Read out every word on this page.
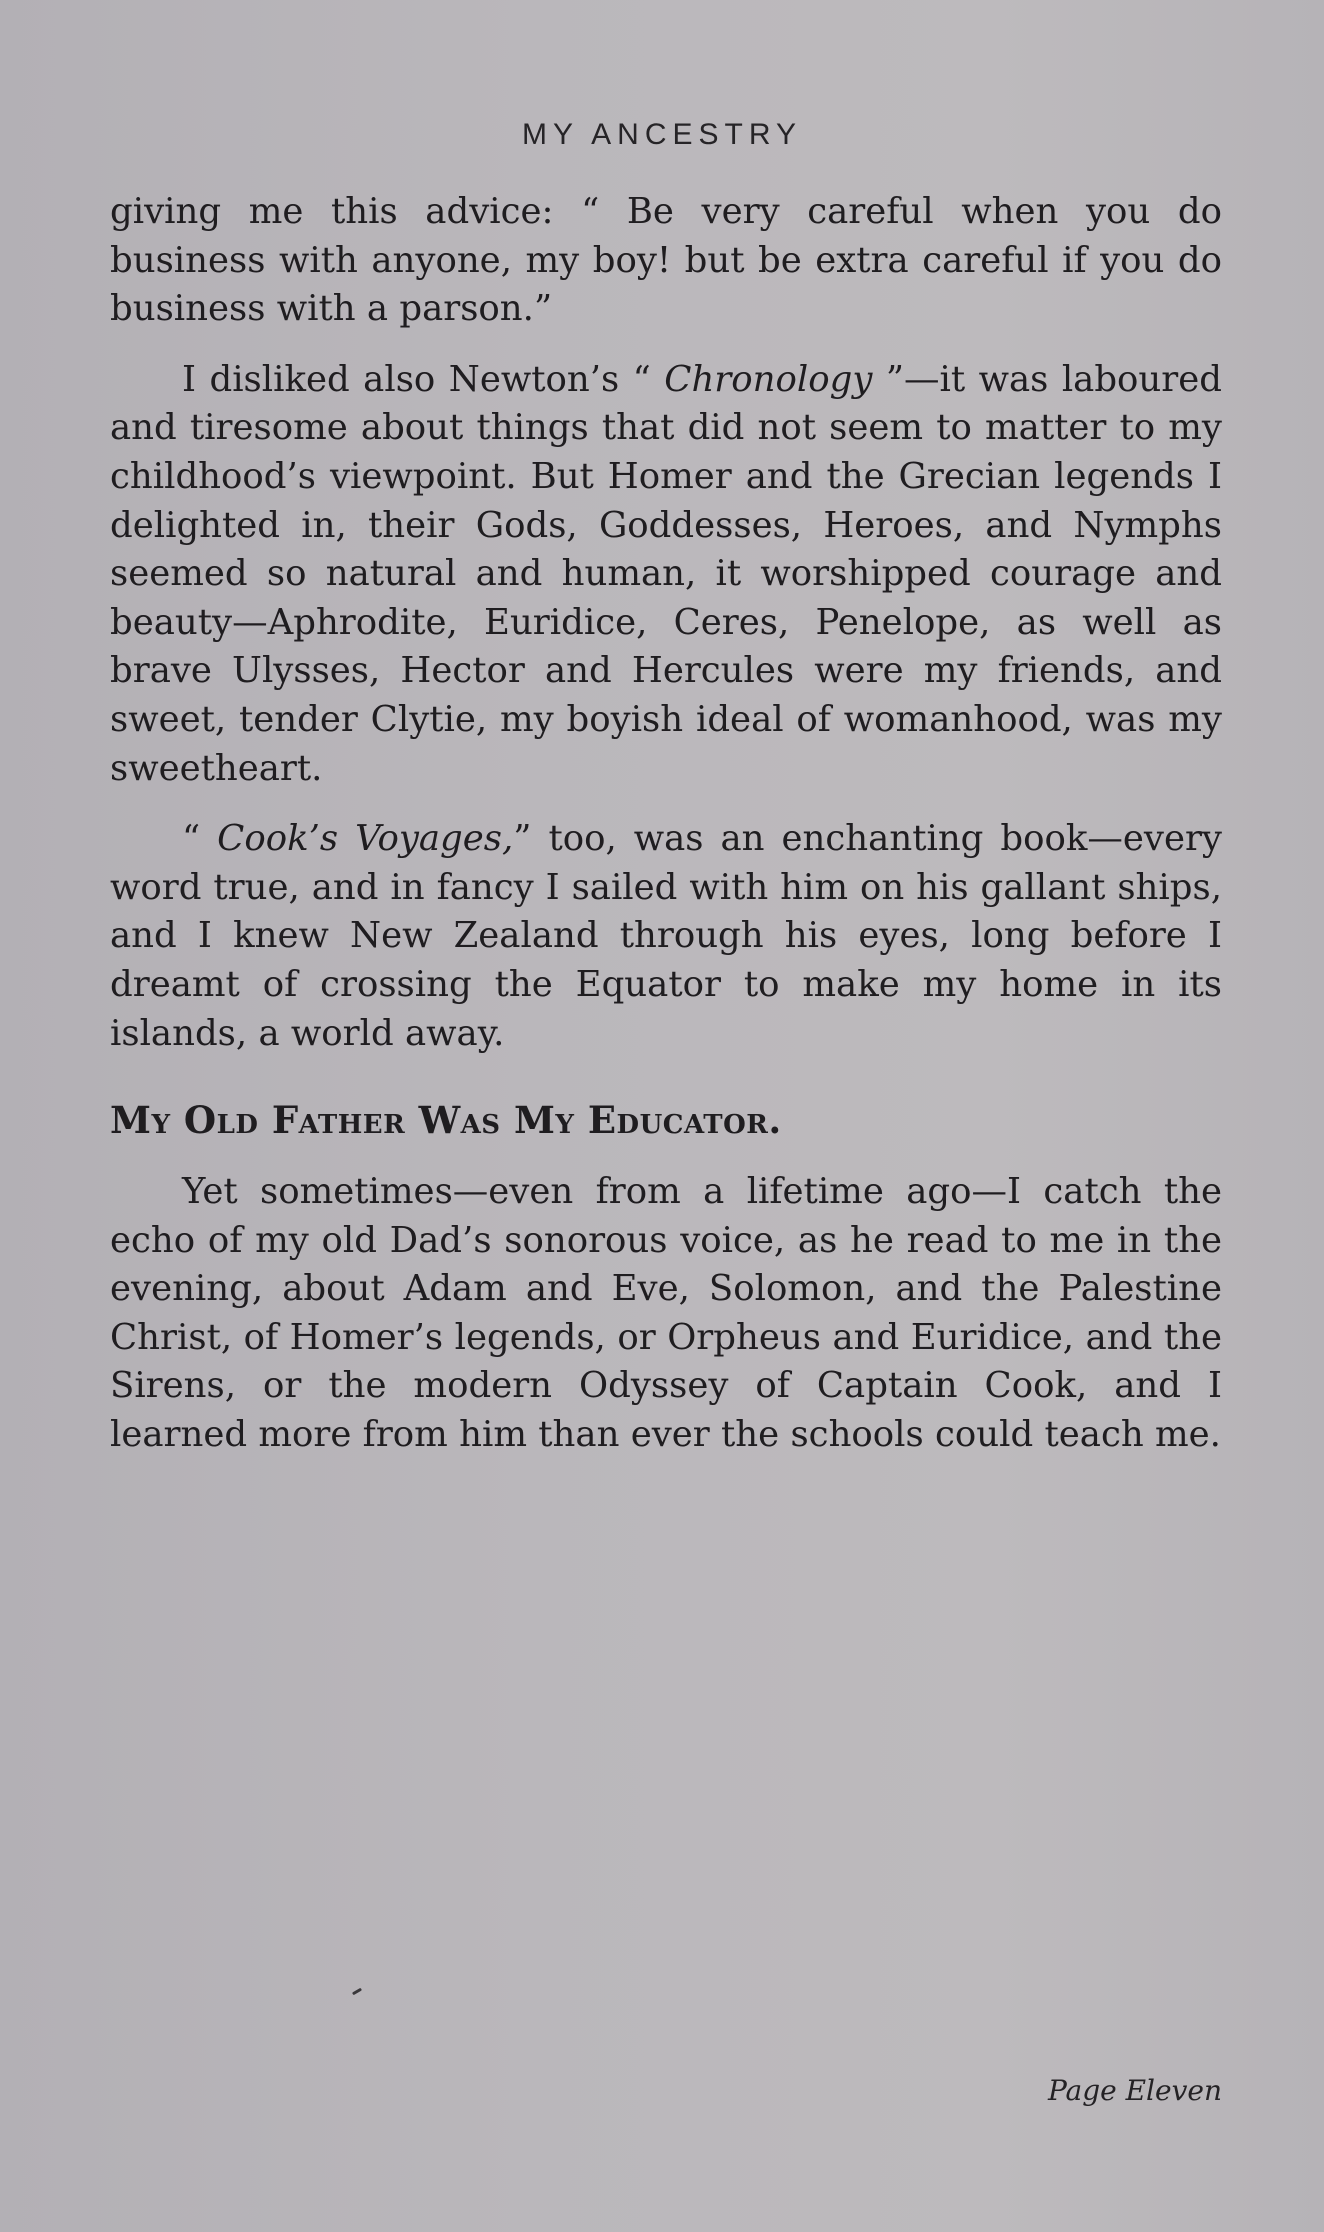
MY ANCESTRY

giving me this advice: “ Be very careful when you do business with anyone, my boy! but be extra careful if you do business with a parson.”

I disliked also Newton’s “ Chronology ”—it was laboured and tiresome about things that did not seem to matter to my childhood’s viewpoint. But Homer and the Grecian legends I delighted in, their Gods, Goddesses, Heroes, and Nymphs seemed so natural and human, it worshipped courage and beauty—Aphrodite, Euridice, Ceres, Penelope, as well as brave Ulysses, Hector and Hercules were my friends, and sweet, tender Clytie, my boyish ideal of womanhood, was my sweetheart.

“ Cook’s Voyages,” too, was an enchanting book—every word true, and in fancy I sailed with him on his gallant ships, and I knew New Zealand through his eyes, long before I dreamt of crossing the Equator to make my home in its islands, a world away.

My Old Father Was My Educator.

Yet sometimes—even from a lifetime ago—I catch the echo of my old Dad’s sonorous voice, as he read to me in the evening, about Adam and Eve, Solomon, and the Palestine Christ, of Homer’s legends, or Orpheus and Euridice, and the Sirens, or the modern Odyssey of Captain Cook, and I learned more from him than ever the schools could teach me.

Page Eleven
